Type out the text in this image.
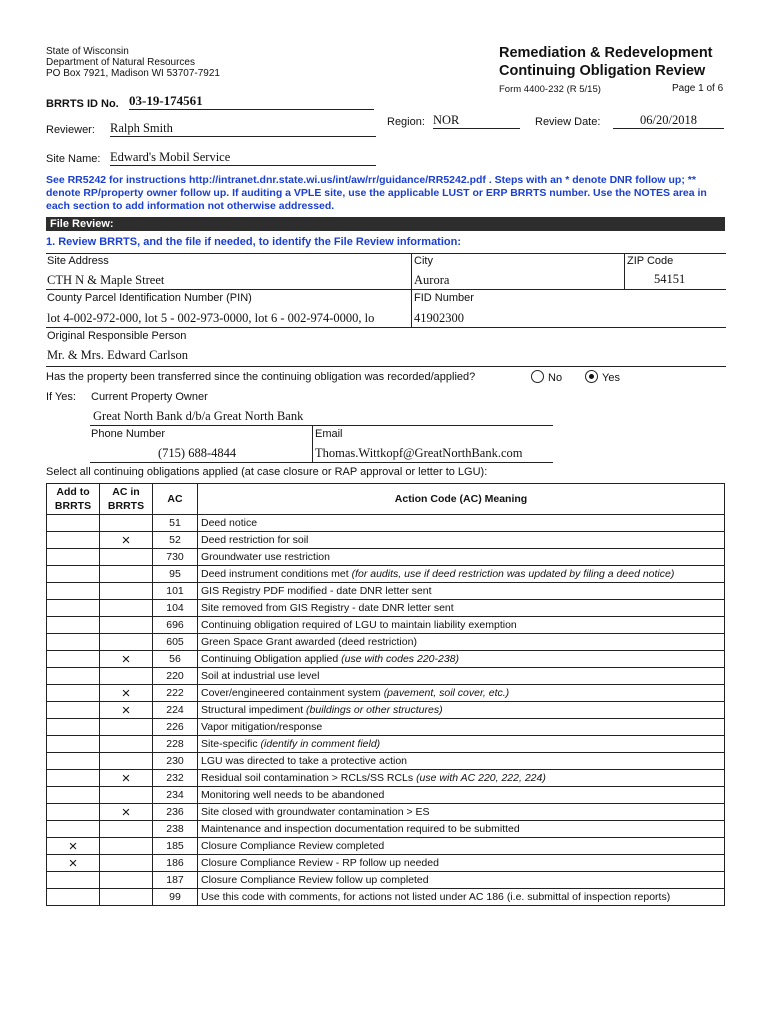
State of Wisconsin
Department of Natural Resources
PO Box 7921, Madison WI 53707-7921
Remediation & Redevelopment
Continuing Obligation Review
Form 4400-232 (R 5/15)	Page 1 of 6
BRRTS ID No. 03-19-174561
Reviewer: Ralph Smith	Region: NOR	Review Date:	06/20/2018
Site Name: Edward's Mobil Service
See RR5242 for instructions http://intranet.dnr.state.wi.us/int/aw/rr/guidance/RR5242.pdf . Steps with an * denote DNR follow up; ** denote RP/property owner follow up. If auditing a VPLE site, use the applicable LUST or ERP BRRTS number. Use the NOTES area in each section to add information not otherwise addressed.
File Review:
1. Review BRRTS, and the file if needed, to identify the File Review information:
Site Address
CTH N & Maple Street
City
Aurora
ZIP Code
54151
County Parcel Identification Number (PIN)
lot 4-002-972-000, lot 5 - 002-973-0000, lot 6 - 002-974-0000, lo
FID Number
41902300
Original Responsible Person
Mr. & Mrs. Edward Carlson
Has the property been transferred since the continuing obligation was recorded/applied?	No	Yes
If Yes: Current Property Owner
Great North Bank d/b/a Great North Bank
Phone Number
(715) 688-4844
Email
Thomas.Wittkopf@GreatNorthBank.com
Select all continuing obligations applied (at case closure or RAP approval or letter to LGU):
Add to BRRTS	AC in BRRTS	AC	Action Code (AC) Meaning
		51	Deed notice
	×	52	Deed restriction for soil
		730	Groundwater use restriction
		95	Deed instrument conditions met (for audits, use if deed restriction was updated by filing a deed notice)
		101	GIS Registry PDF modified - date DNR letter sent
		104	Site removed from GIS Registry - date DNR letter sent
		696	Continuing obligation required of LGU to maintain liability exemption
		605	Green Space Grant awarded (deed restriction)
	×	56	Continuing Obligation applied (use with codes 220-238)
		220	Soil at industrial use level
	×	222	Cover/engineered containment system (pavement, soil cover, etc.)
	×	224	Structural impediment (buildings or other structures)
		226	Vapor mitigation/response
		228	Site-specific (identify in comment field)
		230	LGU was directed to take a protective action
	×	232	Residual soil contamination > RCLs/SS RCLs (use with AC 220, 222, 224)
		234	Monitoring well needs to be abandoned
	×	236	Site closed with groundwater contamination > ES
		238	Maintenance and inspection documentation required to be submitted
×		185	Closure Compliance Review completed
×		186	Closure Compliance Review - RP follow up needed
		187	Closure Compliance Review follow up completed
		99	Use this code with comments, for actions not listed under AC 186 (i.e. submittal of inspection reports)
